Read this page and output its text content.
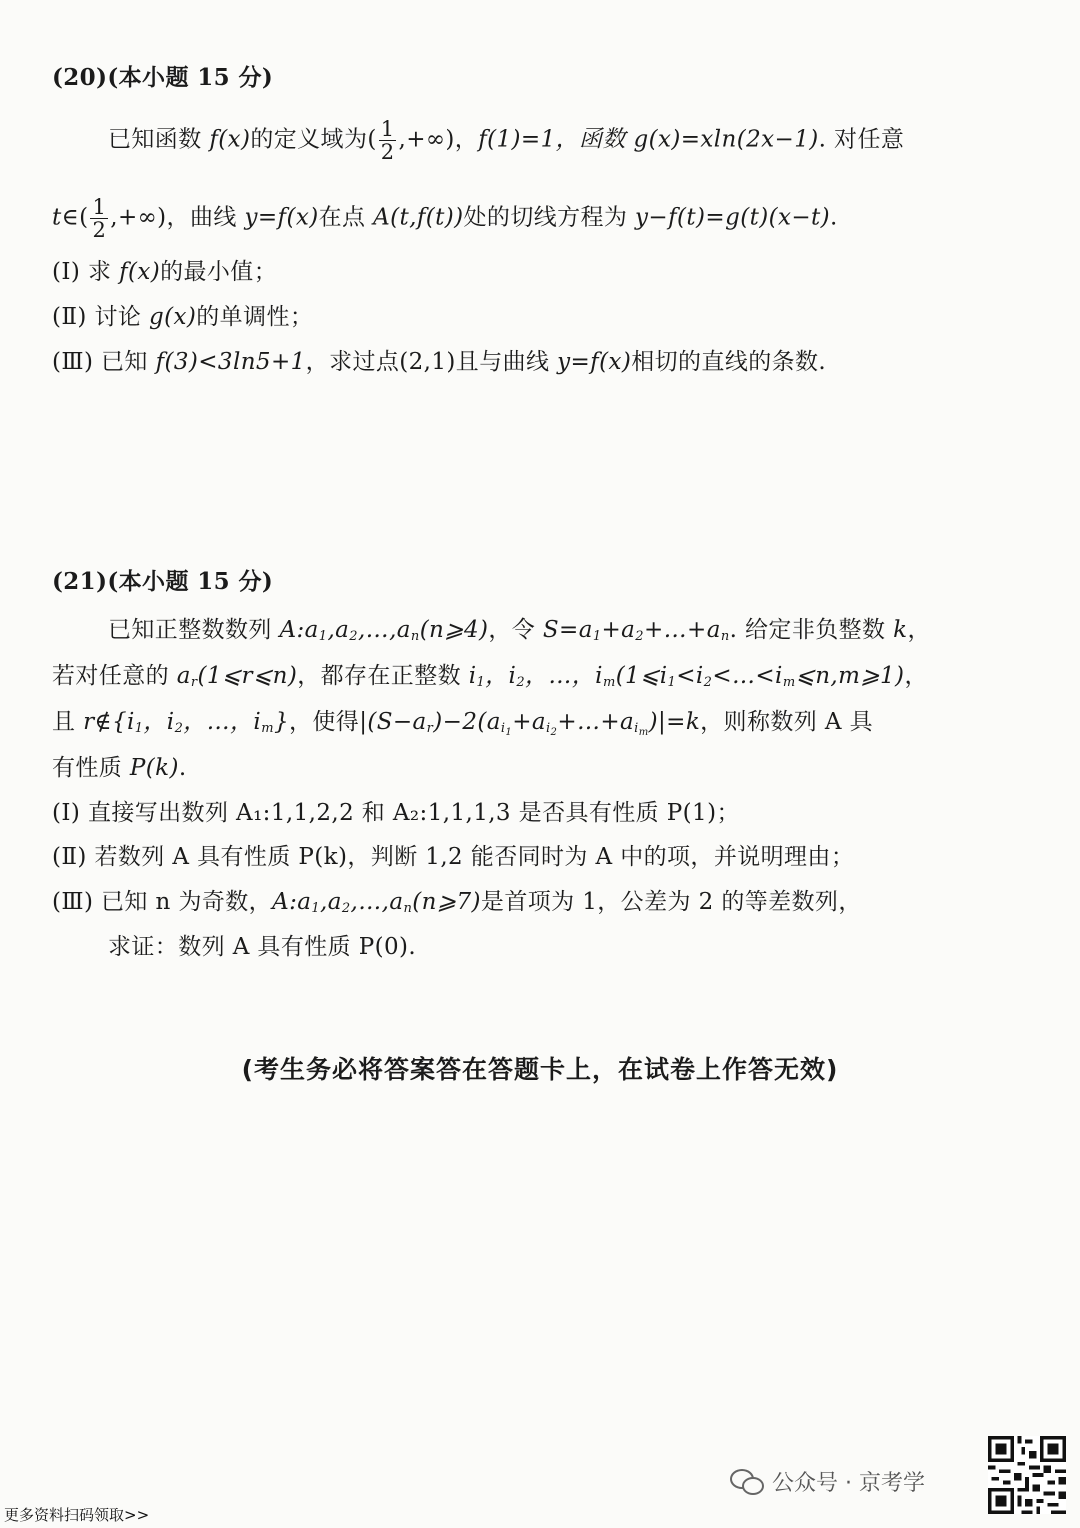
(20)(本小题 15 分)
已知函数 f(x)的定义域为( $\frac{1}{2}$ ,+∞)，f(1)=1，函数 g(x)=xln(2x−1). 对任意
t∈( $\frac{1}{2}$ ,+∞)，曲线 y=f(x)在点 A(t,f(t))处的切线方程为 y−f(t)=g(t)(x−t).
(Ⅰ) 求 f(x)的最小值；
(Ⅱ) 讨论 g(x)的单调性；
(Ⅲ) 已知 f(3)<3ln5+1，求过点(2,1)且与曲线 y=f(x)相切的直线的条数.
(21)(本小题 15 分)
已知正整数数列 $A:a_1,a_2,\dots,a_n(n⩾4)$，令 $S=a_1+a_2+\dots+a_n$. 给定非负整数 k，
若对任意的 $a_r(1⩽r⩽n)$，都存在正整数 $i_1$，$i_2$，…，$i_m(1⩽i_1<i_2<\dots<i_m⩽n,m⩾1)$，
且 $r\notin\{i_1$，$i_2$，…，$i_m$}，使得$|(S-a_r)-2(a_{i_1}+a_{i_2}+\dots+a_{i_m})|=k$，则称数列 A 具
有性质 P(k).
(Ⅰ) 直接写出数列 A₁:1,1,2,2 和 A₂:1,1,1,3 是否具有性质 P(1)；
(Ⅱ) 若数列 A 具有性质 P(k)，判断 1,2 能否同时为 A 中的项，并说明理由；
(Ⅲ) 已知 n 为奇数，$A:a_1,a_2,\dots,a_n(n⩾7)$是首项为 1，公差为 2 的等差数列，
求证：数列 A 具有性质 P(0).
(考生务必将答案答在答题卡上，在试卷上作答无效)
公众号 · 京考学
更多资料扫码领取>>
